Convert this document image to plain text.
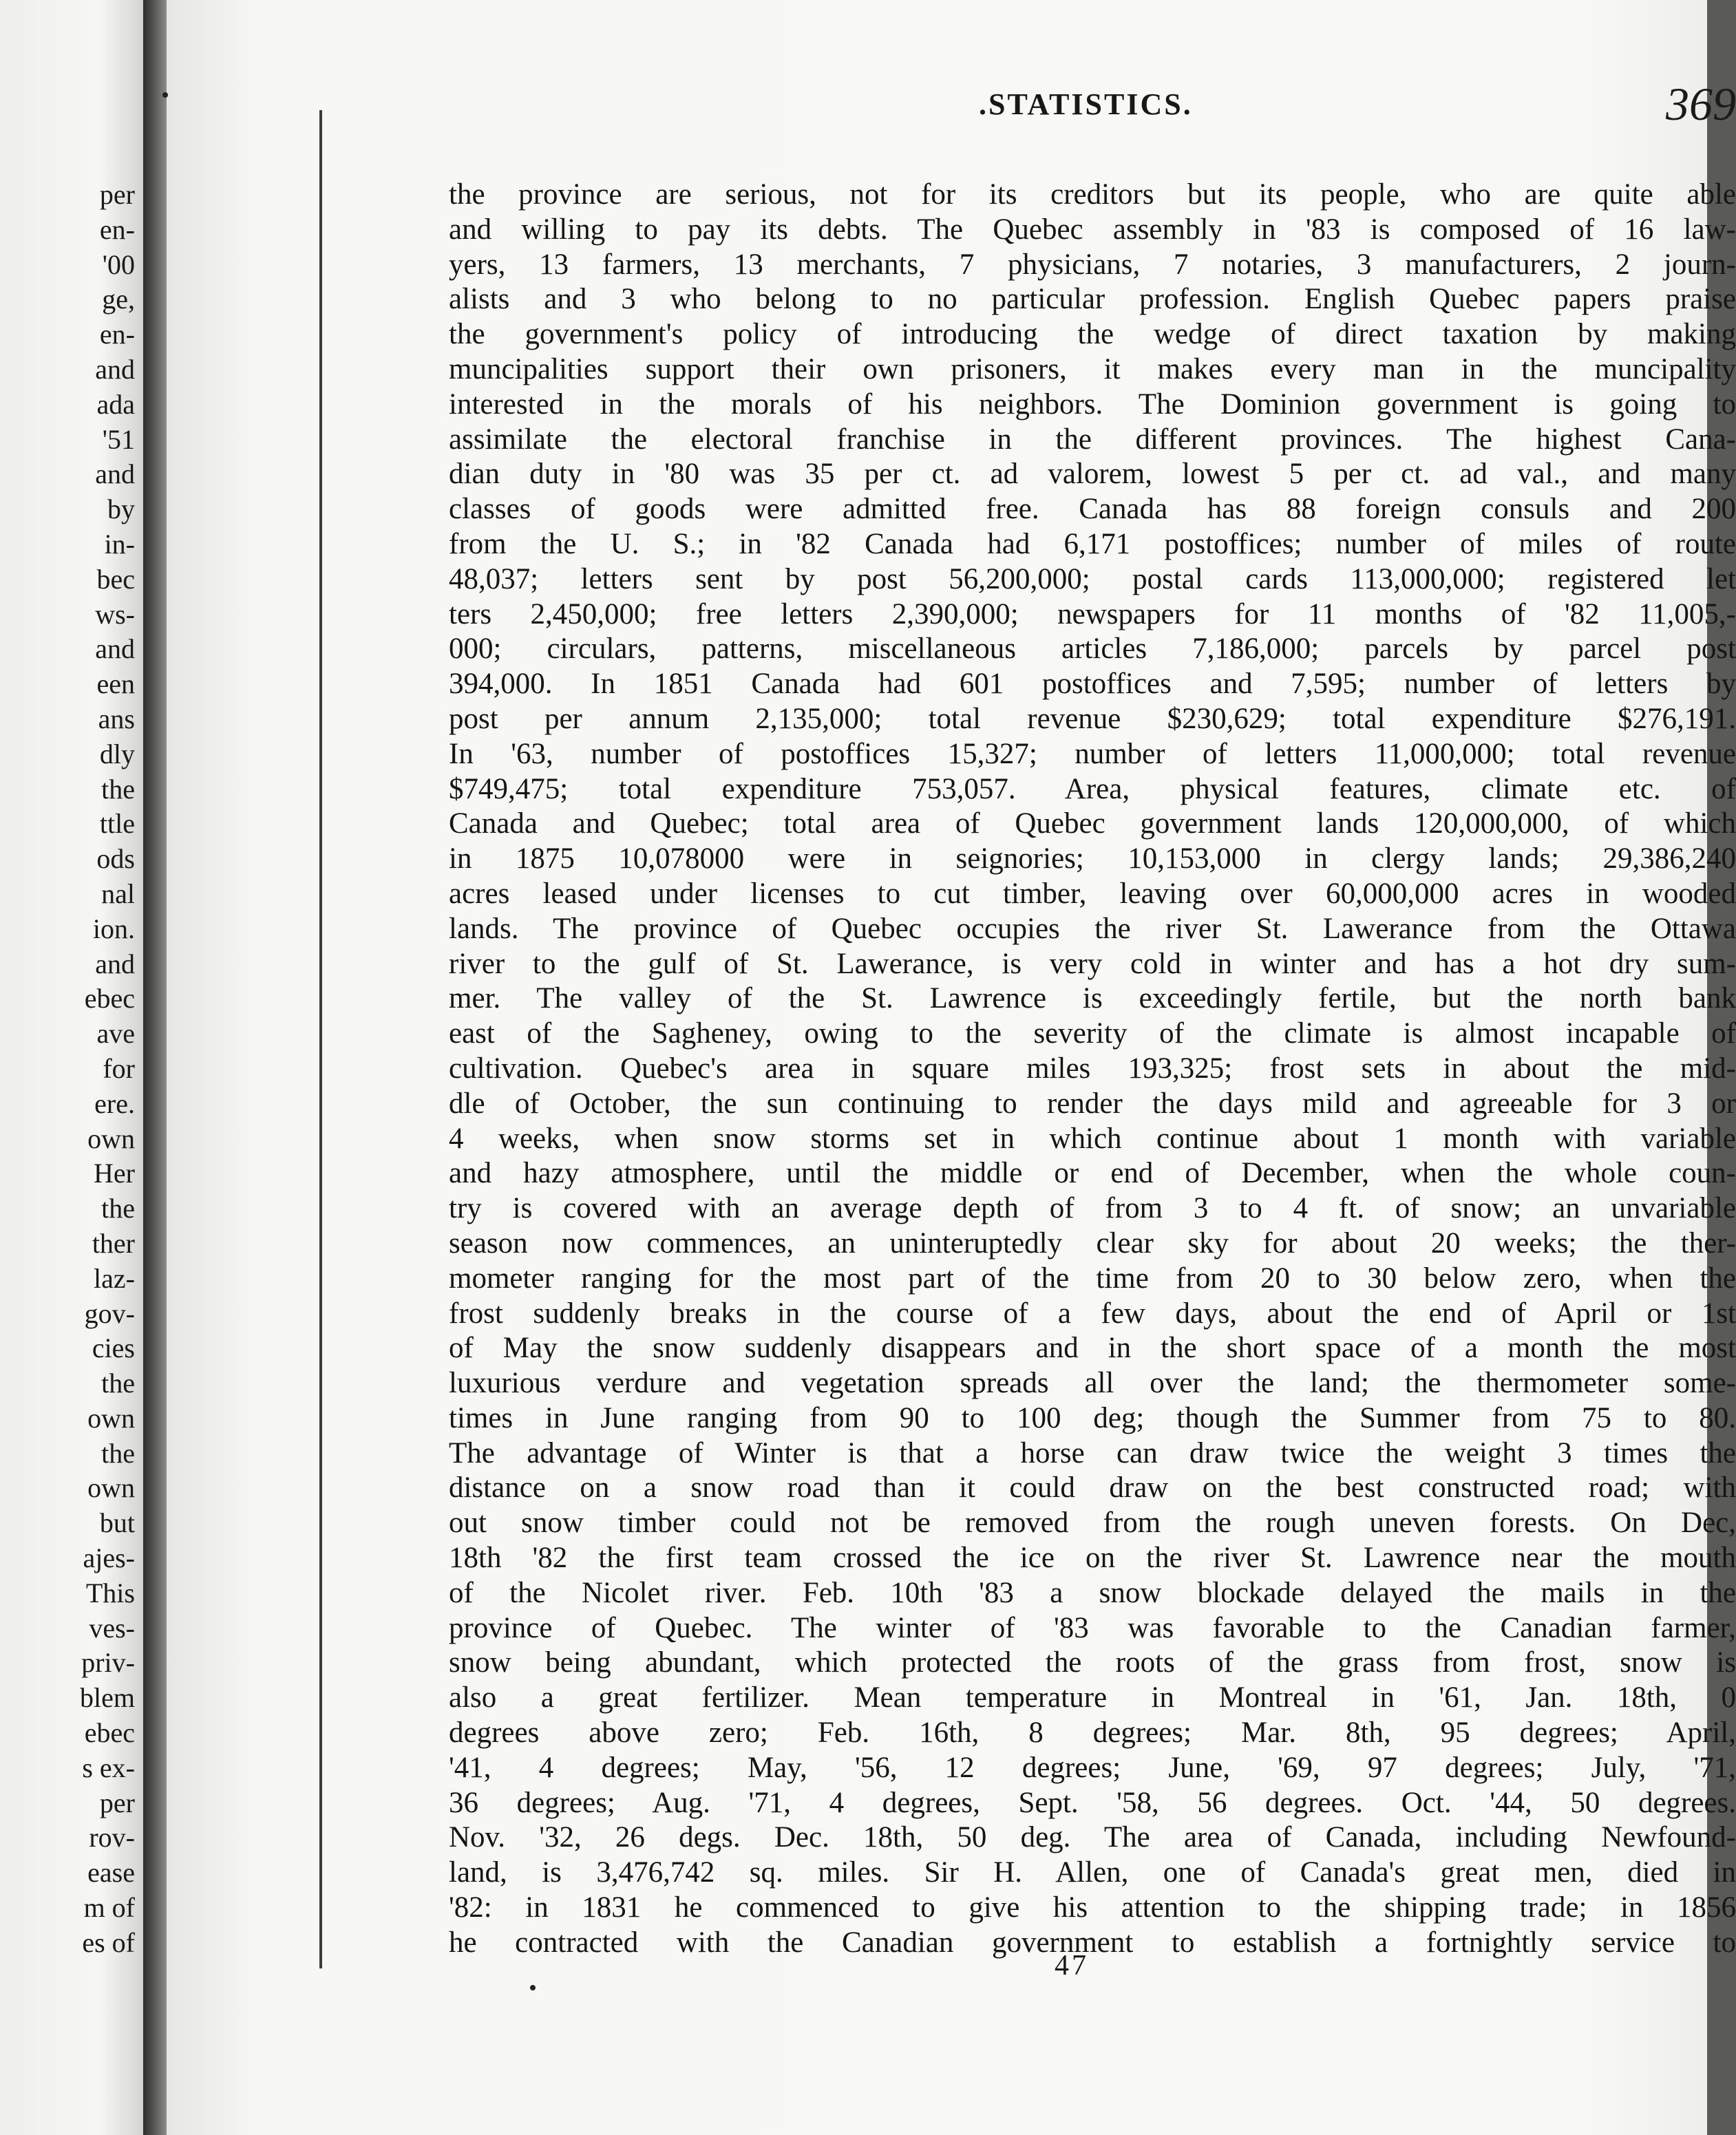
per
en-
'00
ge,
en-
and
ada
'51
and
by
in-
bec
ws-
and
een
ans
dly
the
ttle
ods
nal
ion.
and
ebec
ave
for
ere.
own
Her
the
ther
laz-
gov-
cies
the
own
the
own
but
ajes-
This
ves-
priv-
blem
ebec
s ex-
per
rov-
ease
m of
es of
.STATISTICS.	369
the province are serious, not for its creditors but its people, who are quite able
and willing to pay its debts. The Quebec assembly in '83 is composed of 16 law-
yers, 13 farmers, 13 merchants, 7 physicians, 7 notaries, 3 manufacturers, 2 journ-
alists and 3 who belong to no particular profession. English Quebec papers praise
the government's policy of introducing the wedge of direct taxation by making
muncipalities support their own prisoners, it makes every man in the muncipality
interested in the morals of his neighbors. The Dominion government is going to
assimilate the electoral franchise in the different provinces. The highest Cana-
dian duty in '80 was 35 per ct. ad valorem, lowest 5 per ct. ad val., and many
classes of goods were admitted free. Canada has 88 foreign consuls and 200
from the U. S.; in '82 Canada had 6,171 postoffices; number of miles of route
48,037; letters sent by post 56,200,000; postal cards 113,000,000; registered let
ters 2,450,000; free letters 2,390,000; newspapers for 11 months of '82 11,005,-
000; circulars, patterns, miscellaneous articles 7,186,000; parcels by parcel post
394,000. In 1851 Canada had 601 postoffices and 7,595; number of letters by
post per annum 2,135,000; total revenue $230,629; total expenditure $276,191.
In '63, number of postoffices 15,327; number of letters 11,000,000; total revenue
$749,475; total expenditure 753,057. Area, physical features, climate etc. of
Canada and Quebec; total area of Quebec government lands 120,000,000, of which
in 1875 10,078000 were in seignories; 10,153,000 in clergy lands; 29,386,240
acres leased under licenses to cut timber, leaving over 60,000,000 acres in wooded
lands. The province of Quebec occupies the river St. Lawerance from the Ottawa
river to the gulf of St. Lawerance, is very cold in winter and has a hot dry sum-
mer. The valley of the St. Lawrence is exceedingly fertile, but the north bank
east of the Sagheney, owing to the severity of the climate is almost incapable of
cultivation. Quebec's area in square miles 193,325; frost sets in about the mid-
dle of October, the sun continuing to render the days mild and agreeable for 3 or
4 weeks, when snow storms set in which continue about 1 month with variable
and hazy atmosphere, until the middle or end of December, when the whole coun-
try is covered with an average depth of from 3 to 4 ft. of snow; an unvariable
season now commences, an uninteruptedly clear sky for about 20 weeks; the ther-
mometer ranging for the most part of the time from 20 to 30 below zero, when the
frost suddenly breaks in the course of a few days, about the end of April or 1st
of May the snow suddenly disappears and in the short space of a month the most
luxurious verdure and vegetation spreads all over the land; the thermometer some-
times in June ranging from 90 to 100 deg; though the Summer from 75 to 80.
The advantage of Winter is that a horse can draw twice the weight 3 times the
distance on a snow road than it could draw on the best constructed road; with
out snow timber could not be removed from the rough uneven forests. On Dec,
18th '82 the first team crossed the ice on the river St. Lawrence near the mouth
of the Nicolet river. Feb. 10th '83 a snow blockade delayed the mails in the
province of Quebec. The winter of '83 was favorable to the Canadian farmer,
snow being abundant, which protected the roots of the grass from frost, snow is
also a great fertilizer. Mean temperature in Montreal in '61, Jan. 18th, 0
degrees above zero; Feb. 16th, 8 degrees; Mar. 8th, 95 degrees; April,
'41, 4 degrees; May, '56, 12 degrees; June, '69, 97 degrees; July, '71,
36 degrees; Aug. '71, 4 degrees, Sept. '58, 56 degrees. Oct. '44, 50 degrees.
Nov. '32, 26 degs. Dec. 18th, 50 deg. The area of Canada, including Newfound-
land, is 3,476,742 sq. miles. Sir H. Allen, one of Canada's great men, died in
'82: in 1831 he commenced to give his attention to the shipping trade; in 1856
he contracted with the Canadian government to establish a fortnightly service to
47
